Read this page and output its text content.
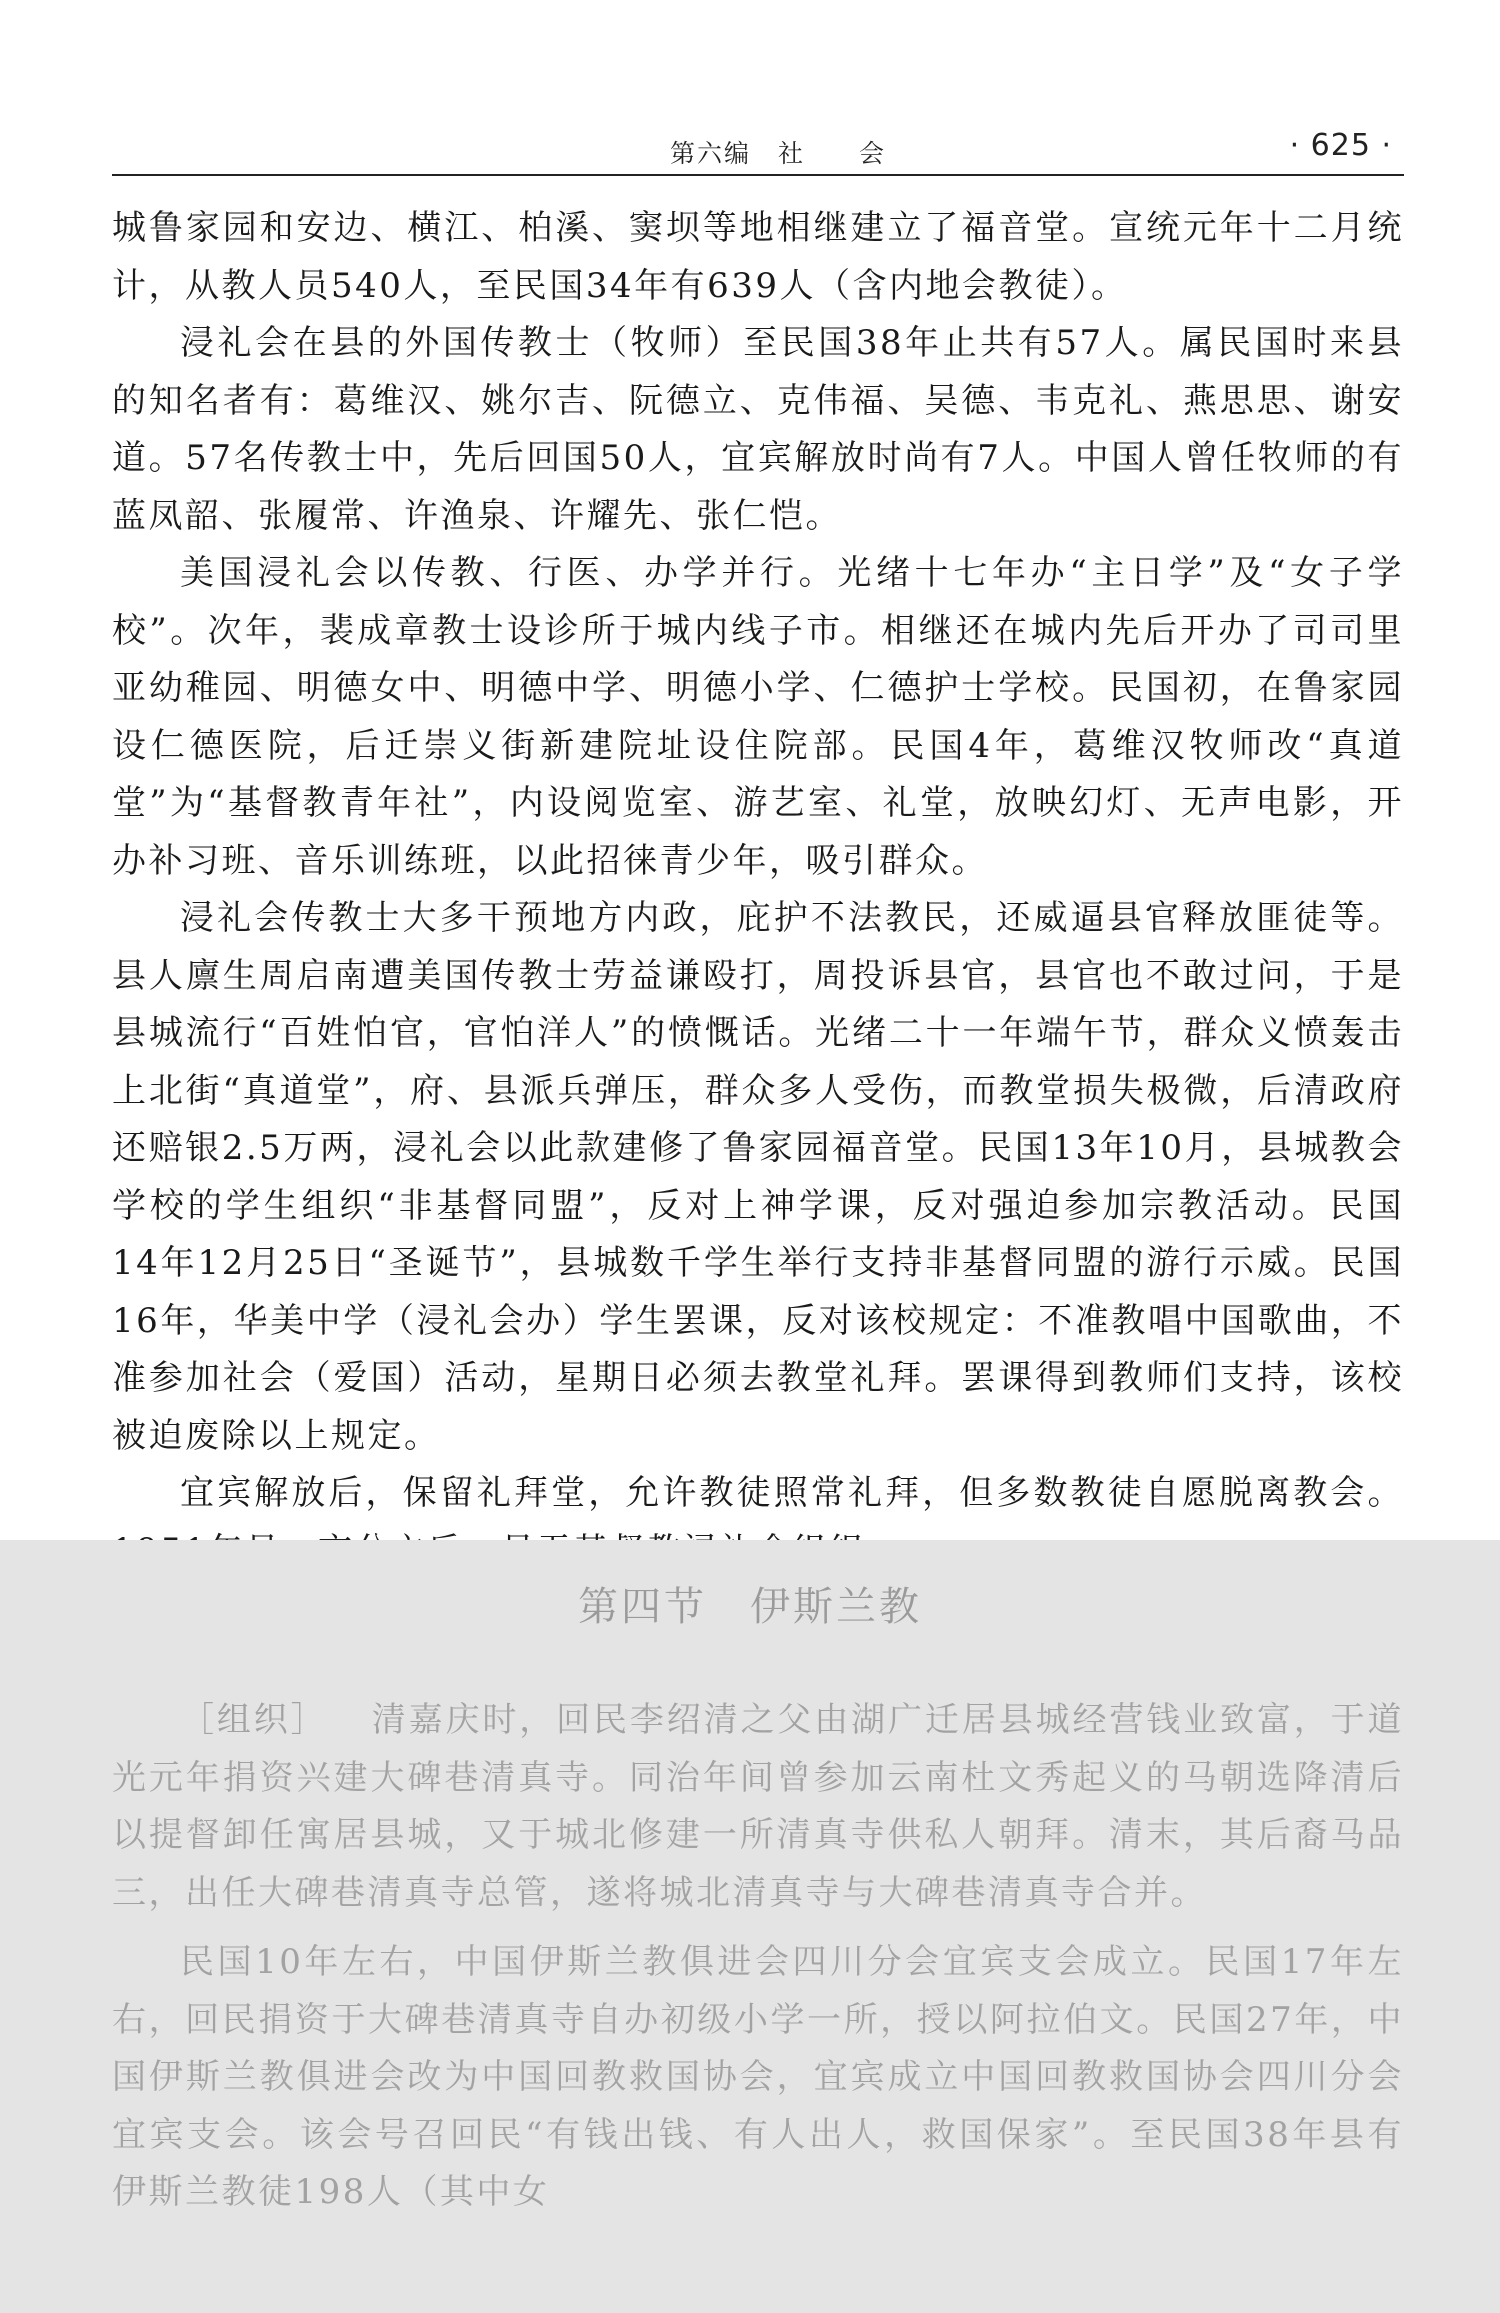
第六编　社　　会	· 625 ·

城鲁家园和安边、横江、柏溪、窦坝等地相继建立了福音堂。宣统元年十二月统计，从教人员540人，至民国34年有639人（含内地会教徒）。

浸礼会在县的外国传教士（牧师）至民国38年止共有57人。属民国时来县的知名者有：葛维汉、姚尔吉、阮德立、克伟福、吴德、韦克礼、燕思思、谢安道。57名传教士中，先后回国50人，宜宾解放时尚有7人。中国人曾任牧师的有蓝凤韶、张履常、许渔泉、许耀先、张仁恺。

美国浸礼会以传教、行医、办学并行。光绪十七年办“主日学”及“女子学校”。次年，裴成章教士设诊所于城内线子市。相继还在城内先后开办了司司里亚幼稚园、明德女中、明德中学、明德小学、仁德护士学校。民国初，在鲁家园设仁德医院，后迁崇义街新建院址设住院部。民国4年，葛维汉牧师改“真道堂”为“基督教青年社”，内设阅览室、游艺室、礼堂，放映幻灯、无声电影，开办补习班、音乐训练班，以此招徕青少年，吸引群众。

浸礼会传教士大多干预地方内政，庇护不法教民，还威逼县官释放匪徒等。县人廪生周启南遭美国传教士劳益谦殴打，周投诉县官，县官也不敢过问，于是县城流行“百姓怕官，官怕洋人”的愤慨话。光绪二十一年端午节，群众义愤轰击上北街“真道堂”，府、县派兵弹压，群众多人受伤，而教堂损失极微，后清政府还赔银2.5万两，浸礼会以此款建修了鲁家园福音堂。民国13年10月，县城教会学校的学生组织“非基督同盟”，反对上神学课，反对强迫参加宗教活动。民国14年12月25日“圣诞节”，县城数千学生举行支持非基督同盟的游行示威。民国16年，华美中学（浸礼会办）学生罢课，反对该校规定：不准教唱中国歌曲，不准参加社会（爱国）活动，星期日必须去教堂礼拜。罢课得到教师们支持，该校被迫废除以上规定。

宜宾解放后，保留礼拜堂，允许教徒照常礼拜，但多数教徒自愿脱离教会。

第四节　伊斯兰教

［组织］ 清嘉庆时，回民李绍清之父由湖广迁居县城经营钱业致富，于道光元年捐资兴建大碑巷清真寺。同治年间曾参加云南杜文秀起义的马朝选降清后以提督卸任寓居县城，又于城北修建一所清真寺供私人朝拜。清末，其后裔马品三，出任大碑巷清真寺总管，遂将城北清真寺与大碑巷清真寺合并。

民国10年左右，中国伊斯兰教俱进会四川分会宜宾支会成立。民国17年左右，回民捐资于大碑巷清真寺自办初级小学一所，授以阿拉伯文。民国27年，中国伊斯兰教俱进会改为中国回教救国协会，宜宾成立中国回教救国协会四川分会宜宾支会。该会号召回民“有钱出钱、有人出人，救国保家”。至民国38年县有伊斯兰教徒198人（其中女
